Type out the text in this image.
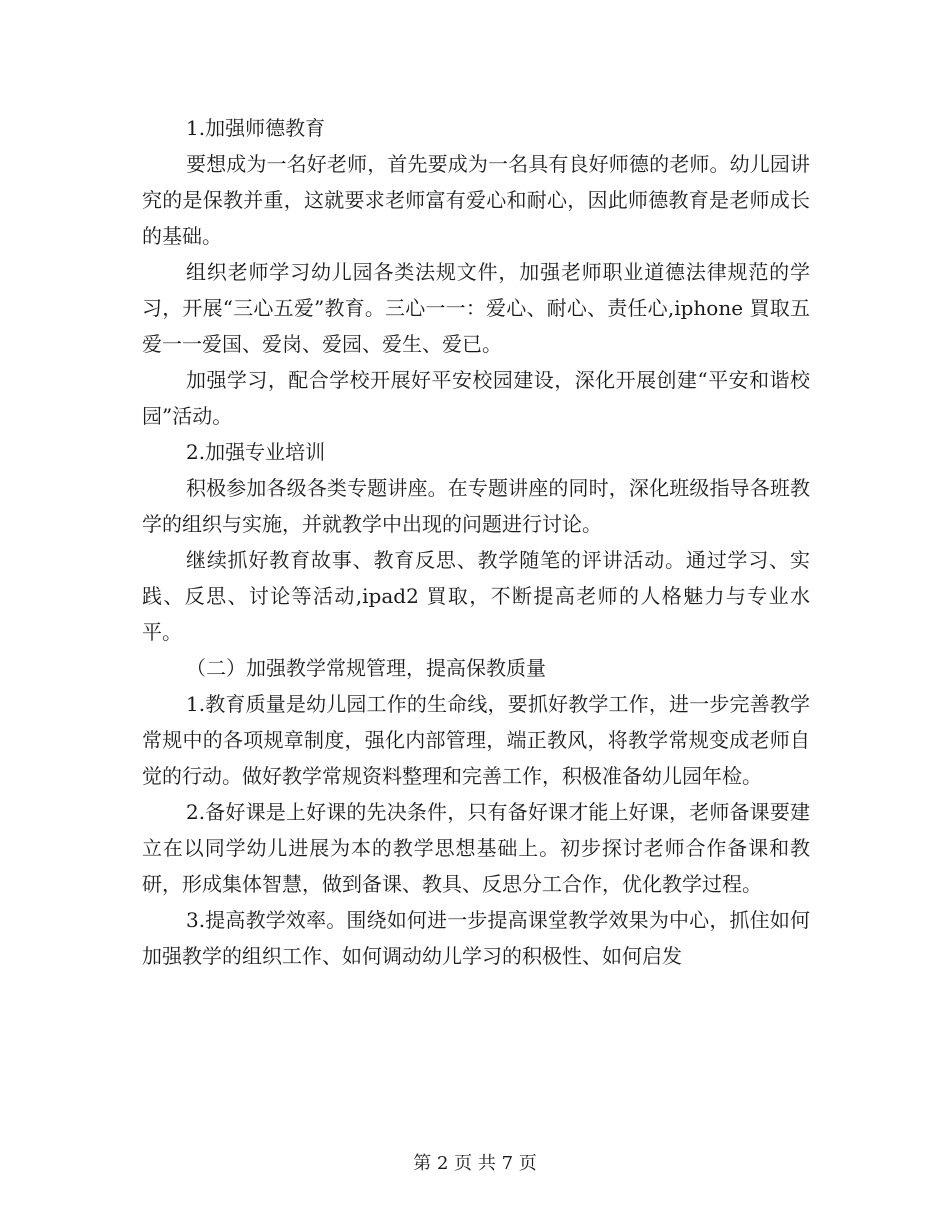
1.加强师德教育

要想成为一名好老师，首先要成为一名具有良好师德的老师。幼儿园讲究的是保教并重，这就要求老师富有爱心和耐心，因此师德教育是老师成长的基础。

组织老师学习幼儿园各类法规文件，加强老师职业道德法律规范的学习，开展“三心五爱”教育。三心一一：爱心、耐心、责任心,iphone 買取五爱一一爱国、爱岗、爱园、爱生、爱已。

加强学习，配合学校开展好平安校园建设，深化开展创建“平安和谐校园”活动。

2.加强专业培训

积极参加各级各类专题讲座。在专题讲座的同时，深化班级指导各班教学的组织与实施，并就教学中出现的问题进行讨论。

继续抓好教育故事、教育反思、教学随笔的评讲活动。通过学习、实践、反思、讨论等活动,ipad2 買取，不断提高老师的人格魅力与专业水平。

（二）加强教学常规管理，提高保教质量

1.教育质量是幼儿园工作的生命线，要抓好教学工作，进一步完善教学常规中的各项规章制度，强化内部管理，端正教风，将教学常规变成老师自觉的行动。做好教学常规资料整理和完善工作，积极准备幼儿园年检。

2.备好课是上好课的先决条件，只有备好课才能上好课，老师备课要建立在以同学幼儿进展为本的教学思想基础上。初步探讨老师合作备课和教研，形成集体智慧，做到备课、教具、反思分工合作，优化教学过程。

3.提高教学效率。围绕如何进一步提高课堂教学效果为中心，抓住如何加强教学的组织工作、如何调动幼儿学习的积极性、如何启发

第 2 页 共 7 页
